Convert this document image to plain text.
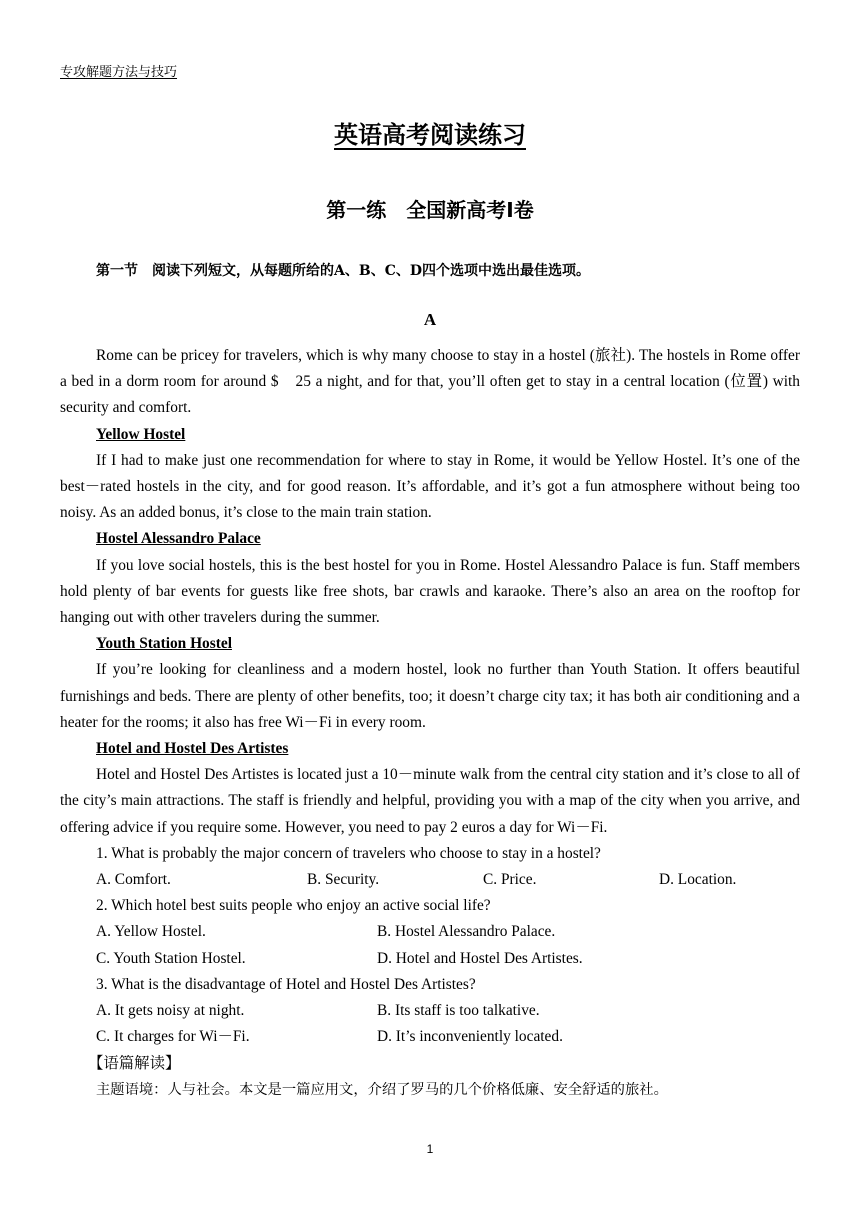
专攻解题方法与技巧
英语高考阅读练习
第一练　全国新高考Ⅰ卷
第一节　阅读下列短文，从每题所给的A、B、C、D四个选项中选出最佳选项。
A

Rome can be pricey for travelers, which is why many choose to stay in a hostel (旅社). The hostels in Rome offer a bed in a dorm room for around $　25 a night, and for that, you’ll often get to stay in a central location (位置) with security and comfort.

Yellow Hostel

If I had to make just one recommendation for where to stay in Rome, it would be Yellow Hostel. It’s one of the best－rated hostels in the city, and for good reason. It’s affordable, and it’s got a fun atmosphere without being too noisy. As an added bonus, it’s close to the main train station.

Hostel Alessandro Palace

If you love social hostels, this is the best hostel for you in Rome. Hostel Alessandro Palace is fun. Staff members hold plenty of bar events for guests like free shots, bar crawls and karaoke. There’s also an area on the rooftop for hanging out with other travelers during the summer.

Youth Station Hostel

If you’re looking for cleanliness and a modern hostel, look no further than Youth Station. It offers beautiful furnishings and beds. There are plenty of other benefits, too; it doesn’t charge city tax; it has both air conditioning and a heater for the rooms; it also has free Wi－Fi in every room.

Hotel and Hostel Des Artistes

Hotel and Hostel Des Artistes is located just a 10－minute walk from the central city station and it’s close to all of the city’s main attractions. The staff is friendly and helpful, providing you with a map of the city when you arrive, and offering advice if you require some. However, you need to pay 2 euros a day for Wi－Fi.

1. What is probably the major concern of travelers who choose to stay in a hostel?
A. Comfort.	B. Security.	C. Price.	D. Location.
2. Which hotel best suits people who enjoy an active social life?
A. Yellow Hostel.	B. Hostel Alessandro Palace.
C. Youth Station Hostel.	D. Hotel and Hostel Des Artistes.
3. What is the disadvantage of Hotel and Hostel Des Artistes?
A. It gets noisy at night.	B. Its staff is too talkative.
C. It charges for Wi－Fi.	D. It’s inconveniently located.
【语篇解读】
主题语境：人与社会。本文是一篇应用文，介绍了罗马的几个价格低廉、安全舒适的旅社。
1
